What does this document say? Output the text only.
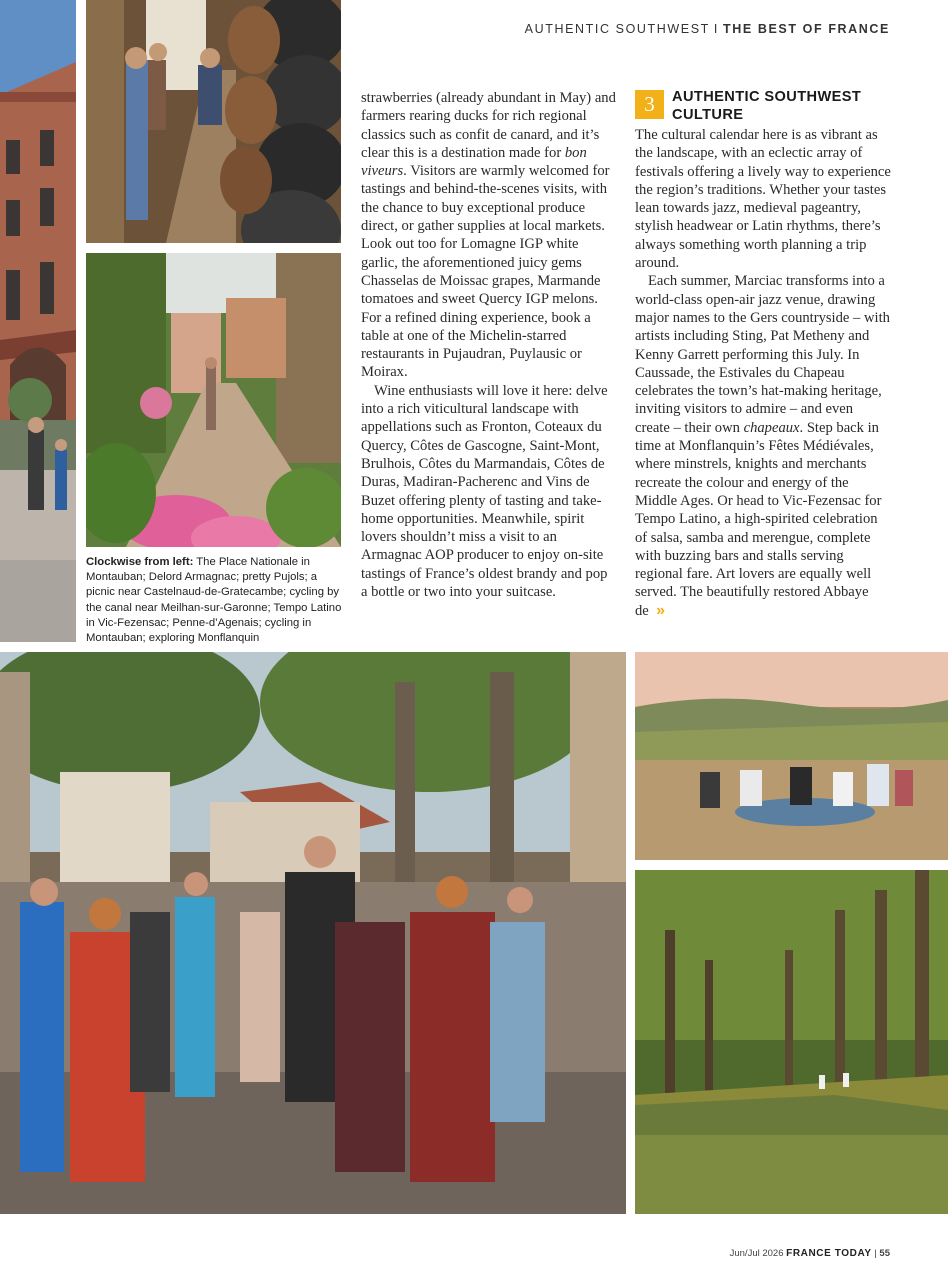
AUTHENTIC SOUTHWEST I THE BEST OF FRANCE
Clockwise from left: The Place Nationale in Montauban; Delord Armagnac; pretty Pujols; a picnic near Castelnaud-de-Gratecambe; cycling by the canal near Meilhan-sur-Garonne; Tempo Latino in Vic-Fezensac; Penne-d’Agenais; cycling in Montauban; exploring Monflanquin

strawberries (already abundant in May) and farmers rearing ducks for rich regional classics such as confit de canard, and it’s clear this is a destination made for bon viveurs. Visitors are warmly welcomed for tastings and behind-the-scenes visits, with the chance to buy exceptional produce direct, or gather supplies at local markets. Look out too for Lomagne IGP white garlic, the aforementioned juicy gems Chasselas de Moissac grapes, Marmande tomatoes and sweet Quercy IGP melons. For a refined dining experience, book a table at one of the Michelin-starred restaurants in Pujaudran, Puylausic or Moirax.

Wine enthusiasts will love it here: delve into a rich viticultural landscape with appellations such as Fronton, Coteaux du Quercy, Côtes de Gascogne, Saint-Mont, Brulhois, Côtes du Marmandais, Côtes de Duras, Madiran-Pacherenc and Vins de Buzet offering plenty of tasting and take-home opportunities. Meanwhile, spirit lovers shouldn’t miss a visit to an Armagnac AOP producer to enjoy on-site tastings of France’s oldest brandy and pop a bottle or two into your suitcase.

3	AUTHENTIC SOUTHWEST
CULTURE

The cultural calendar here is as vibrant as the landscape, with an eclectic array of festivals offering a lively way to experience the region’s traditions. Whether your tastes lean towards jazz, medieval pageantry, stylish headwear or Latin rhythms, there’s always something worth planning a trip around.

Each summer, Marciac transforms into a world-class open-air jazz venue, drawing major names to the Gers countryside – with artists including Sting, Pat Metheny and Kenny Garrett performing this July. In Caussade, the Estivales du Chapeau celebrates the town’s hat-making heritage, inviting visitors to admire – and even create – their own chapeaux. Step back in time at Monflanquin’s Fêtes Médiévales, where minstrels, knights and merchants recreate the colour and energy of the Middle Ages. Or head to Vic-Fezensac for Tempo Latino, a high-spirited celebration of salsa, samba and merengue, complete with buzzing bars and stalls serving regional fare. Art lovers are equally well served. The beautifully restored Abbaye de »

Jun/Jul 2026 FRANCE TODAY | 55
